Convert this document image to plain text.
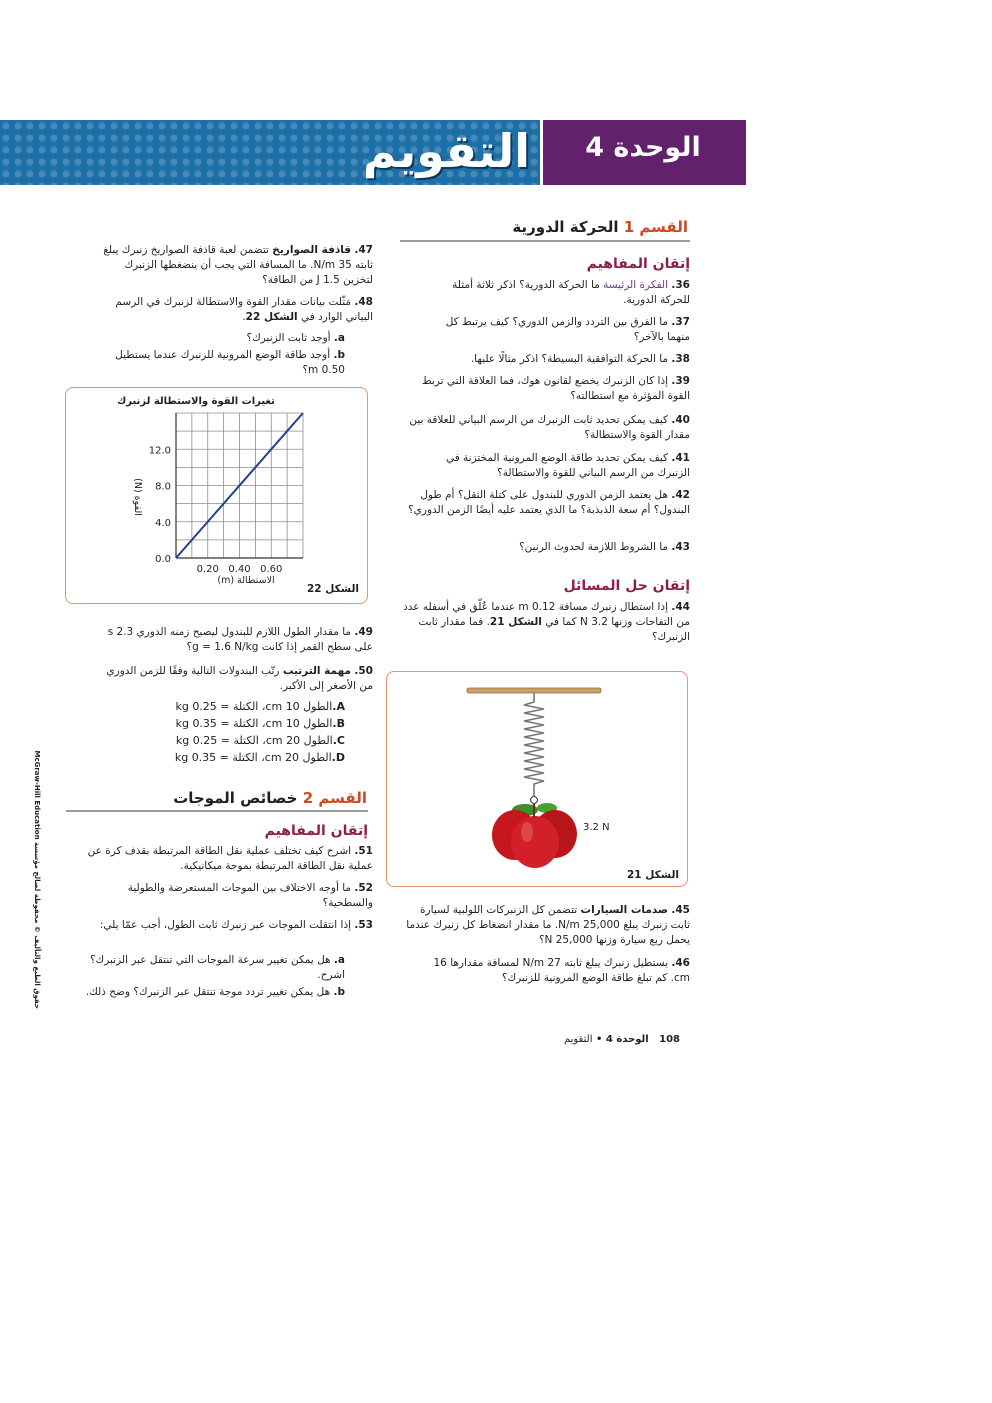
الوحدة 4
التقويم
القسم 1 الحركة الدورية
إتقان المفاهيم
36. الفكرة الرئيسة ما الحركة الدورية؟ اذكر ثلاثة أمثلة للحركة الدورية.
37. ما الفرق بين التردد والزمن الدوري؟ كيف يرتبط كل منهما بالآخر؟
38. ما الحركة التوافقية البسيطة؟ اذكر مثالًا عليها.
39. إذا كان الزنبرك يخضع لقانون هوك، فما العلاقة التي تربط القوة المؤثرة مع استطالته؟
40. كيف يمكن تحديد ثابت الزنبرك من الرسم البياني للعلاقة بين مقدار القوة والاستطالة؟
41. كيف يمكن تحديد طاقة الوضع المرونية المختزنة في الزنبرك من الرسم البياني للقوة والاستطالة؟
42. هل يعتمد الزمن الدوري للبندول على كتلة الثقل؟ أم طول البندول؟ أم سعة الذبذبة؟ ما الذي يعتمد عليه أيضًا الزمن الدوري؟
43. ما الشروط اللازمة لحدوث الرنين؟
إتقان حل المسائل
44. إذا استطال زنبرك مسافة 0.12 m عندما عُلّق في أسفله عدد من التفاحات وزنها 3.2 N كما في الشكل 21. فما مقدار ثابت الزنبرك؟
3.2 N
الشكل 21
45. صدمات السيارات تتضمن كل الزنبركات اللولبية لسيارة ثابت زنبرك يبلغ 25,000 N/m. ما مقدار انضغاط كل زنبرك عندما يحمل ربع سيارة وزنها 25,000 N؟
46. يستطيل زنبرك يبلغ ثابته 27 N/m لمسافة مقدارها 16 cm. كم تبلغ طاقة الوضع المرونية للزنبرك؟
47. قاذفة الصواريخ تتضمن لعبة قاذفة الصواريخ زنبرك يبلغ ثابته 35 N/m. ما المسافة التي يجب أن ينضغطها الزنبرك لتخزين 1.5 J من الطاقة؟
48. مَثّلت بيانات مقدار القوة والاستطالة لزنبرك في الرسم البياني الوارد في الشكل 22.
a. أوجد ثابت الزنبرك؟
b. أوجد طاقة الوضع المرونية للزنبرك عندما يستطيل 0.50 m؟
تغيرات القوة والاستطالة لزنبرك
0.20 0.40 0.60
0.0
4.0
8.0
12.0
القوة (N)
الاستطالة (m)
الشكل 22
49. ما مقدار الطول اللازم للبندول ليصبح زمنه الدوري 2.3 s على سطح القمر إذا كانت g = 1.6 N/kg؟
50. مهمة الترتيب رتّب البندولات التالية وفقًا للزمن الدوري من الأصغر إلى الأكبر.
A.الطول 10 cm، الكتلة = 0.25 kg
B.الطول 10 cm، الكتلة = 0.35 kg
C.الطول 20 cm، الكتلة = 0.25 kg
D.الطول 20 cm، الكتلة = 0.35 kg
القسم 2 خصائص الموجات
إتقان المفاهيم
51. اشرح كيف تختلف عملية نقل الطاقة المرتبطة بقذف كرة عن عملية نقل الطاقة المرتبطة بموجة ميكانيكية.
52. ما أوجه الاختلاف بين الموجات المستعرضة والطولية والسطحية؟
53. إذا انتقلت الموجات عبر زنبرك ثابت الطول، أجب عمّا يلي:
a. هل يمكن تغيير سرعة الموجات التي تنتقل عبر الزنبرك؟ اشرح.
b. هل يمكن تغيير تردد موجة تنتقل عبر الزنبرك؟ وضح ذلك.
حقوق الطبع والتأليف © محفوظة لصالح مؤسسة McGraw-Hill Education
108   الوحدة 4 • التقويم
